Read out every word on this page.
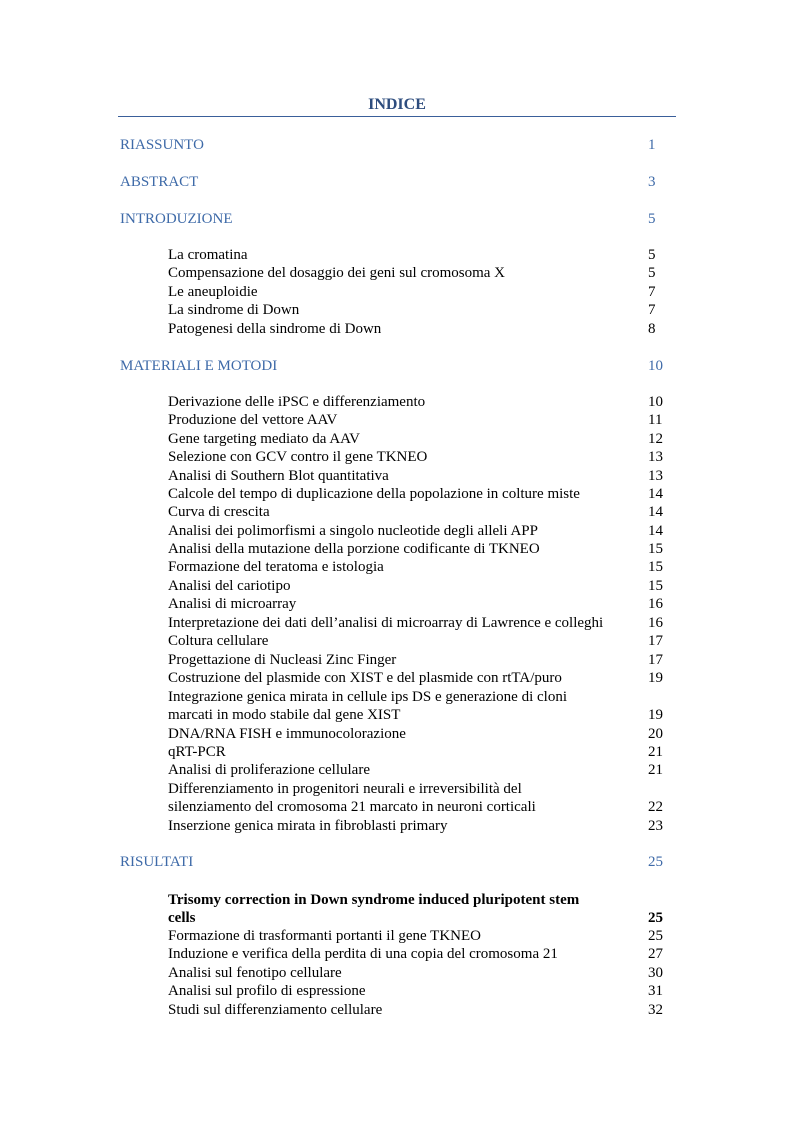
INDICE
RIASSUNTO	1
ABSTRACT	3
INTRODUZIONE	5
La cromatina	5
Compensazione del dosaggio dei geni sul cromosoma X	5
Le aneuploidie	7
La sindrome di Down	7
Patogenesi della sindrome di Down	8
MATERIALI E MOTODI	10
Derivazione delle iPSC e differenziamento	10
Produzione del vettore AAV	11
Gene targeting mediato da AAV	12
Selezione con GCV contro il gene TKNEO	13
Analisi di Southern Blot quantitativa	13
Calcole del tempo di duplicazione della popolazione in colture miste	14
Curva di crescita	14
Analisi dei polimorfismi a singolo nucleotide degli alleli APP	14
Analisi della mutazione della porzione codificante di TKNEO	15
Formazione del teratoma e istologia	15
Analisi del cariotipo	15
Analisi di microarray	16
Interpretazione dei dati dell’analisi di microarray di Lawrence e colleghi	16
Coltura cellulare	17
Progettazione di Nucleasi Zinc Finger	17
Costruzione del plasmide con XIST e del plasmide con rtTA/puro	19
Integrazione genica mirata in cellule ips DS e generazione di cloni
marcati in modo stabile dal gene XIST	19
DNA/RNA FISH e immunocolorazione	20
qRT-PCR	21
Analisi di proliferazione cellulare	21
Differenziamento in progenitori neurali e irreversibilità del
silenziamento del cromosoma 21 marcato in neuroni corticali	22
Inserzione genica mirata in fibroblasti primary	23
RISULTATI	25
Trisomy correction in Down syndrome induced pluripotent stem
cells	25
Formazione di trasformanti portanti il gene TKNEO	25
Induzione e verifica della perdita di una copia del cromosoma 21	27
Analisi sul fenotipo cellulare	30
Analisi sul profilo di espressione	31
Studi sul differenziamento cellulare	32
